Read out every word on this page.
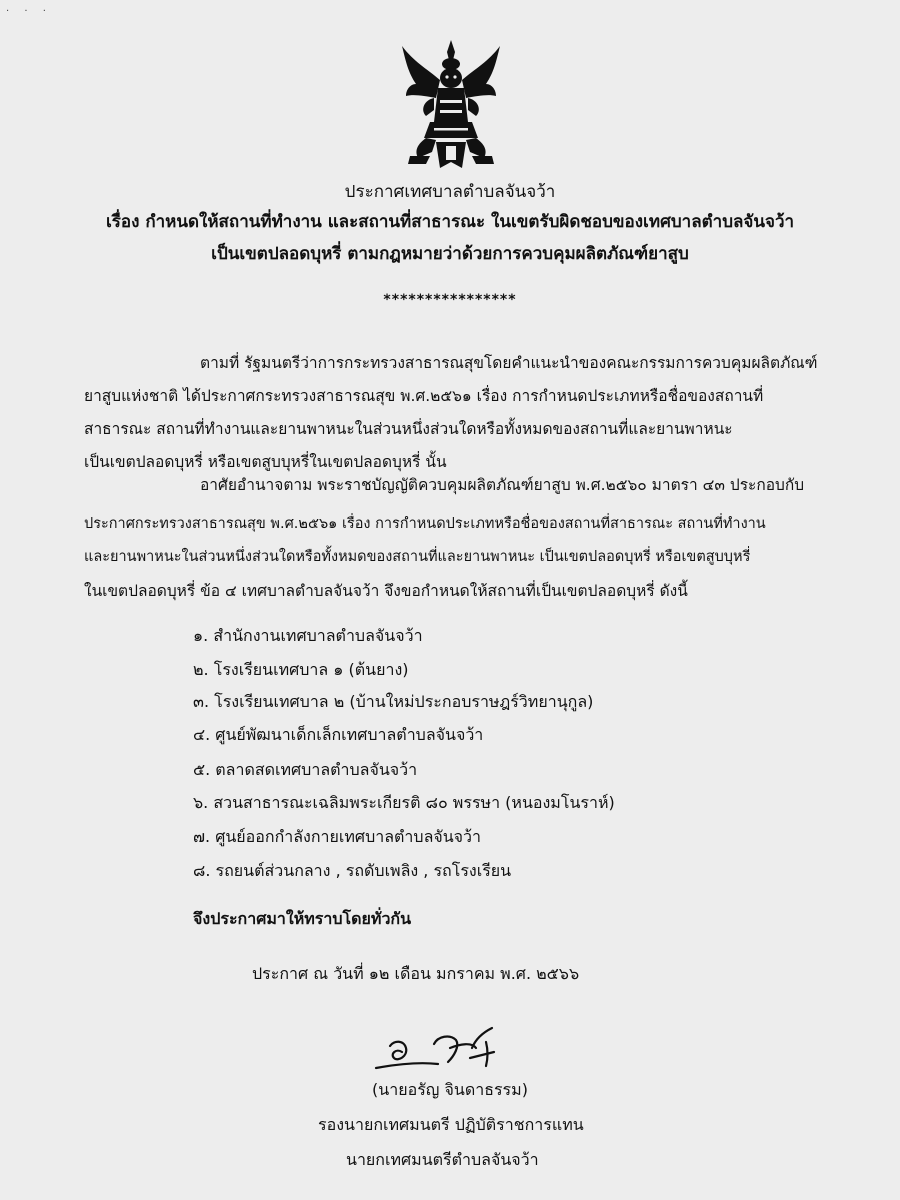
· · ·
ประกาศเทศบาลตำบลจันจว้า
เรื่อง กำหนดให้สถานที่ทำงาน และสถานที่สาธารณะ ในเขตรับผิดชอบของเทศบาลตำบลจันจว้า
เป็นเขตปลอดบุหรี่ ตามกฎหมายว่าด้วยการควบคุมผลิตภัณฑ์ยาสูบ
****************
ตามที่ รัฐมนตรีว่าการกระทรวงสาธารณสุขโดยคำแนะนำของคณะกรรมการควบคุมผลิตภัณฑ์
ยาสูบแห่งชาติ ได้ประกาศกระทรวงสาธารณสุข พ.ศ.๒๕๖๑ เรื่อง การกำหนดประเภทหรือชื่อของสถานที่
สาธารณะ สถานที่ทำงานและยานพาหนะในส่วนหนึ่งส่วนใดหรือทั้งหมดของสถานที่และยานพาหนะ
เป็นเขตปลอดบุหรี่ หรือเขตสูบบุหรี่ในเขตปลอดบุหรี่ นั้น
อาศัยอำนาจตาม พระราชบัญญัติควบคุมผลิตภัณฑ์ยาสูบ พ.ศ.๒๕๖๐ มาตรา ๔๓ ประกอบกับ
ประกาศกระทรวงสาธารณสุข พ.ศ.๒๕๖๑ เรื่อง การกำหนดประเภทหรือชื่อของสถานที่สาธารณะ สถานที่ทำงาน
และยานพาหนะในส่วนหนึ่งส่วนใดหรือทั้งหมดของสถานที่และยานพาหนะ เป็นเขตปลอดบุหรี่ หรือเขตสูบบุหรี่
ในเขตปลอดบุหรี่ ข้อ ๔ เทศบาลตำบลจันจว้า จึงขอกำหนดให้สถานที่เป็นเขตปลอดบุหรี่ ดังนี้
๑. สำนักงานเทศบาลตำบลจันจว้า
๒. โรงเรียนเทศบาล ๑ (ต้นยาง)
๓. โรงเรียนเทศบาล ๒ (บ้านใหม่ประกอบราษฎร์วิทยานุกูล)
๔. ศูนย์พัฒนาเด็กเล็กเทศบาลตำบลจันจว้า
๕. ตลาดสดเทศบาลตำบลจันจว้า
๖. สวนสาธารณะเฉลิมพระเกียรติ ๘๐ พรรษา (หนองมโนราห์)
๗. ศูนย์ออกกำลังกายเทศบาลตำบลจันจว้า
๘. รถยนต์ส่วนกลาง , รถดับเพลิง , รถโรงเรียน
จึงประกาศมาให้ทราบโดยทั่วกัน
ประกาศ ณ วันที่ ๑๒ เดือน มกราคม พ.ศ. ๒๕๖๖
(นายอรัญ จินดาธรรม)
รองนายกเทศมนตรี ปฏิบัติราชการแทน
นายกเทศมนตรีตำบลจันจว้า
